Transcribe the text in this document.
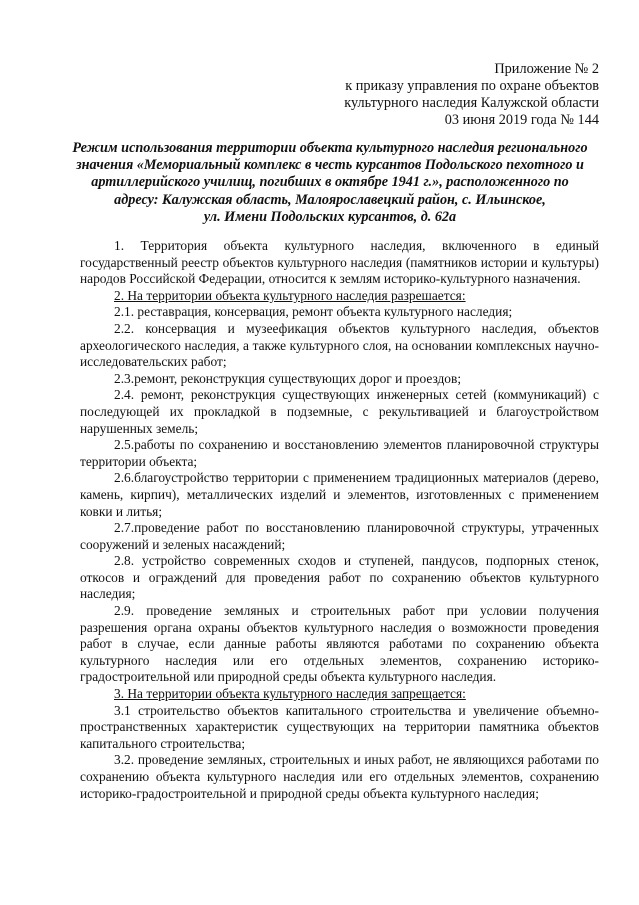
Приложение № 2
к приказу управления по охране объектов
культурного наследия Калужской области
03 июня 2019 года № 144
Режим использования территории объекта культурного наследия регионального
значения «Мемориальный комплекс в честь курсантов Подольского пехотного и
артиллерийского училищ, погибших в октябре 1941 г.», расположенного по
адресу: Калужская область, Малоярославецкий район, с. Ильинское,
ул. Имени Подольских курсантов, д. 62а

1. Территория объекта культурного наследия, включенного в единый государственный реестр объектов культурного наследия (памятников истории и культуры) народов Российской Федерации, относится к землям историко-культурного назначения.

2. На территории объекта культурного наследия разрешается:

2.1. реставрация, консервация, ремонт объекта культурного наследия;

2.2. консервация и музеефикация объектов культурного наследия, объектов археологического наследия, а также культурного слоя, на основании комплексных научно-исследовательских работ;

2.3.ремонт, реконструкция существующих дорог и проездов;

2.4. ремонт, реконструкция существующих инженерных сетей (коммуникаций) с последующей их прокладкой в подземные, с рекультивацией и благоустройством нарушенных земель;

2.5.работы по сохранению и восстановлению элементов планировочной структуры территории объекта;

2.6.благоустройство территории с применением традиционных материалов (дерево, камень, кирпич), металлических изделий и элементов, изготовленных с применением ковки и литья;

2.7.проведение работ по восстановлению планировочной структуры, утраченных сооружений и зеленых насаждений;

2.8. устройство современных сходов и ступеней, пандусов, подпорных стенок, откосов и ограждений для проведения работ по сохранению объектов культурного наследия;

2.9. проведение земляных и строительных работ при условии получения разрешения органа охраны объектов культурного наследия о возможности проведения работ в случае, если данные работы являются работами по сохранению объекта культурного наследия или его отдельных элементов, сохранению историко-градостроительной или природной среды объекта культурного наследия.

3. На территории объекта культурного наследия запрещается:

3.1 строительство объектов капитального строительства и увеличение объемно-пространственных характеристик существующих на территории памятника объектов капитального строительства;

3.2. проведение земляных, строительных и иных работ, не являющихся работами по сохранению объекта культурного наследия или его отдельных элементов, сохранению историко-градостроительной и природной среды объекта культурного наследия;
